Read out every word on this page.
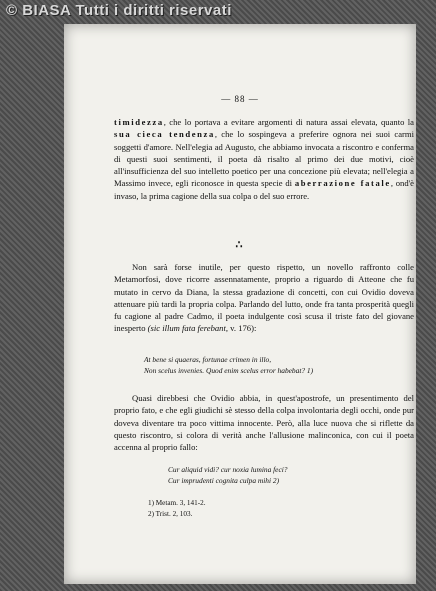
© BIASA Tutti i diritti riservati
— 88 —

timidezza, che lo portava a evitare argomenti di natura assai elevata, quanto la sua cieca tendenza, che lo sospingeva a preferire ognora nei suoi carmi soggetti d'amore. Nell'elegia ad Augusto, che abbiamo invocata a riscontro e conferma di questi suoi sentimenti, il poeta dà risalto al primo dei due motivi, cioè all'insufficienza del suo intelletto poetico per una concezione più elevata; nell'elegia a Massimo invece, egli riconosce in questa specie di aberrazione fatale, ond'è invaso, la prima cagione della sua colpa o del suo errore.

∴

Non sarà forse inutile, per questo rispetto, un novello raffronto colle Metamorfosi, dove ricorre assennatamente, proprio a riguardo di Atteone che fu mutato in cervo da Diana, la stessa gradazione di concetti, con cui Ovidio doveva attenuare più tardi la propria colpa. Parlando del lutto, onde fra tanta prosperità quegli fu cagione al padre Cadmo, il poeta indulgente così scusa il triste fato del giovane inesperto (sic illum fata ferebant, v. 176):

At bene si quaeras, fortunae crimen in illo,
Non scelus invenies. Quod enim scelus error habebat? 1)

Quasi direbbesi che Ovidio abbia, in quest'apostrofe, un presentimento del proprio fato, e che egli giudichi sè stesso della colpa involontaria degli occhi, onde pur doveva diventare tra poco vittima innocente. Però, alla luce nuova che si riflette da questo riscontro, si colora di verità anche l'allusione malinconica, con cui il poeta accenna al proprio fallo:

Cur aliquid vidi? cur noxia lumina feci?
Cur imprudenti cognita culpa mihi 2)
1) Metam. 3, 141-2.
2) Trist. 2, 103.
